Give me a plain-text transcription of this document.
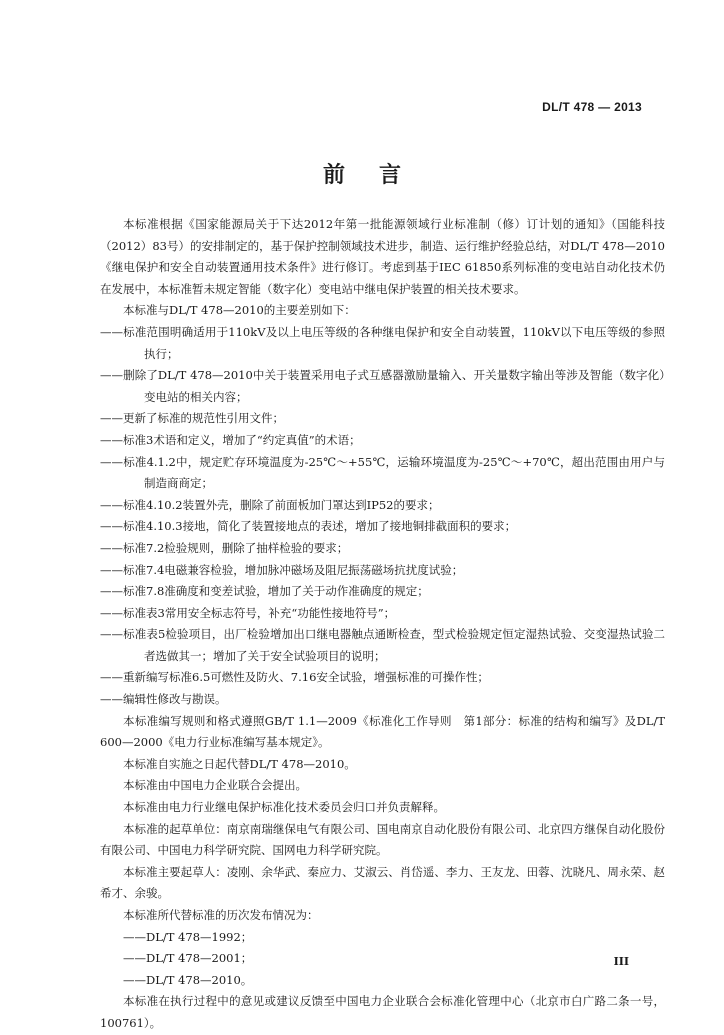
DL/T 478 — 2013
前言

本标准根据《国家能源局关于下达2012年第一批能源领域行业标准制（修）订计划的通知》（国能科技（2012）83号）的安排制定的，基于保护控制领域技术进步，制造、运行维护经验总结，对DL/T 478—2010《继电保护和安全自动装置通用技术条件》进行修订。考虑到基于IEC 61850系列标准的变电站自动化技术仍在发展中，本标准暂未规定智能（数字化）变电站中继电保护装置的相关技术要求。

本标准与DL/T 478—2010的主要差别如下：

——标准范围明确适用于110kV及以上电压等级的各种继电保护和安全自动装置，110kV以下电压等级的参照执行；

——删除了DL/T 478—2010中关于装置采用电子式互感器激励量输入、开关量数字输出等涉及智能（数字化）变电站的相关内容；

——更新了标准的规范性引用文件；

——标准3术语和定义，增加了“约定真值”的术语；

——标准4.1.2中，规定贮存环境温度为-25℃～+55℃，运输环境温度为-25℃～+70℃，超出范围由用户与制造商商定；

——标准4.10.2装置外壳，删除了前面板加门罩达到IP52的要求；

——标准4.10.3接地，简化了装置接地点的表述，增加了接地铜排截面积的要求；

——标准7.2检验规则，删除了抽样检验的要求；

——标准7.4电磁兼容检验，增加脉冲磁场及阻尼振荡磁场抗扰度试验；

——标准7.8准确度和变差试验，增加了关于动作准确度的规定；

——标准表3常用安全标志符号，补充“功能性接地符号”；

——标准表5检验项目，出厂检验增加出口继电器触点通断检查，型式检验规定恒定湿热试验、交变湿热试验二者选做其一；增加了关于安全试验项目的说明；

——重新编写标准6.5可燃性及防火、7.16安全试验，增强标准的可操作性；

——编辑性修改与勘误。

本标准编写规则和格式遵照GB/T 1.1—2009《标准化工作导则　第1部分：标准的结构和编写》及DL/T 600—2000《电力行业标准编写基本规定》。

本标准自实施之日起代替DL/T 478—2010。

本标准由中国电力企业联合会提出。

本标准由电力行业继电保护标准化技术委员会归口并负责解释。

本标准的起草单位：南京南瑞继保电气有限公司、国电南京自动化股份有限公司、北京四方继保自动化股份有限公司、中国电力科学研究院、国网电力科学研究院。

本标准主要起草人：凌刚、余华武、秦应力、艾淑云、肖岱遥、李力、王友龙、田蓉、沈晓凡、周永荣、赵希才、余骏。

本标准所代替标准的历次发布情况为：

——DL/T 478—1992；

——DL/T 478—2001；

——DL/T 478—2010。

本标准在执行过程中的意见或建议反馈至中国电力企业联合会标准化管理中心（北京市白广路二条一号，100761）。

III
